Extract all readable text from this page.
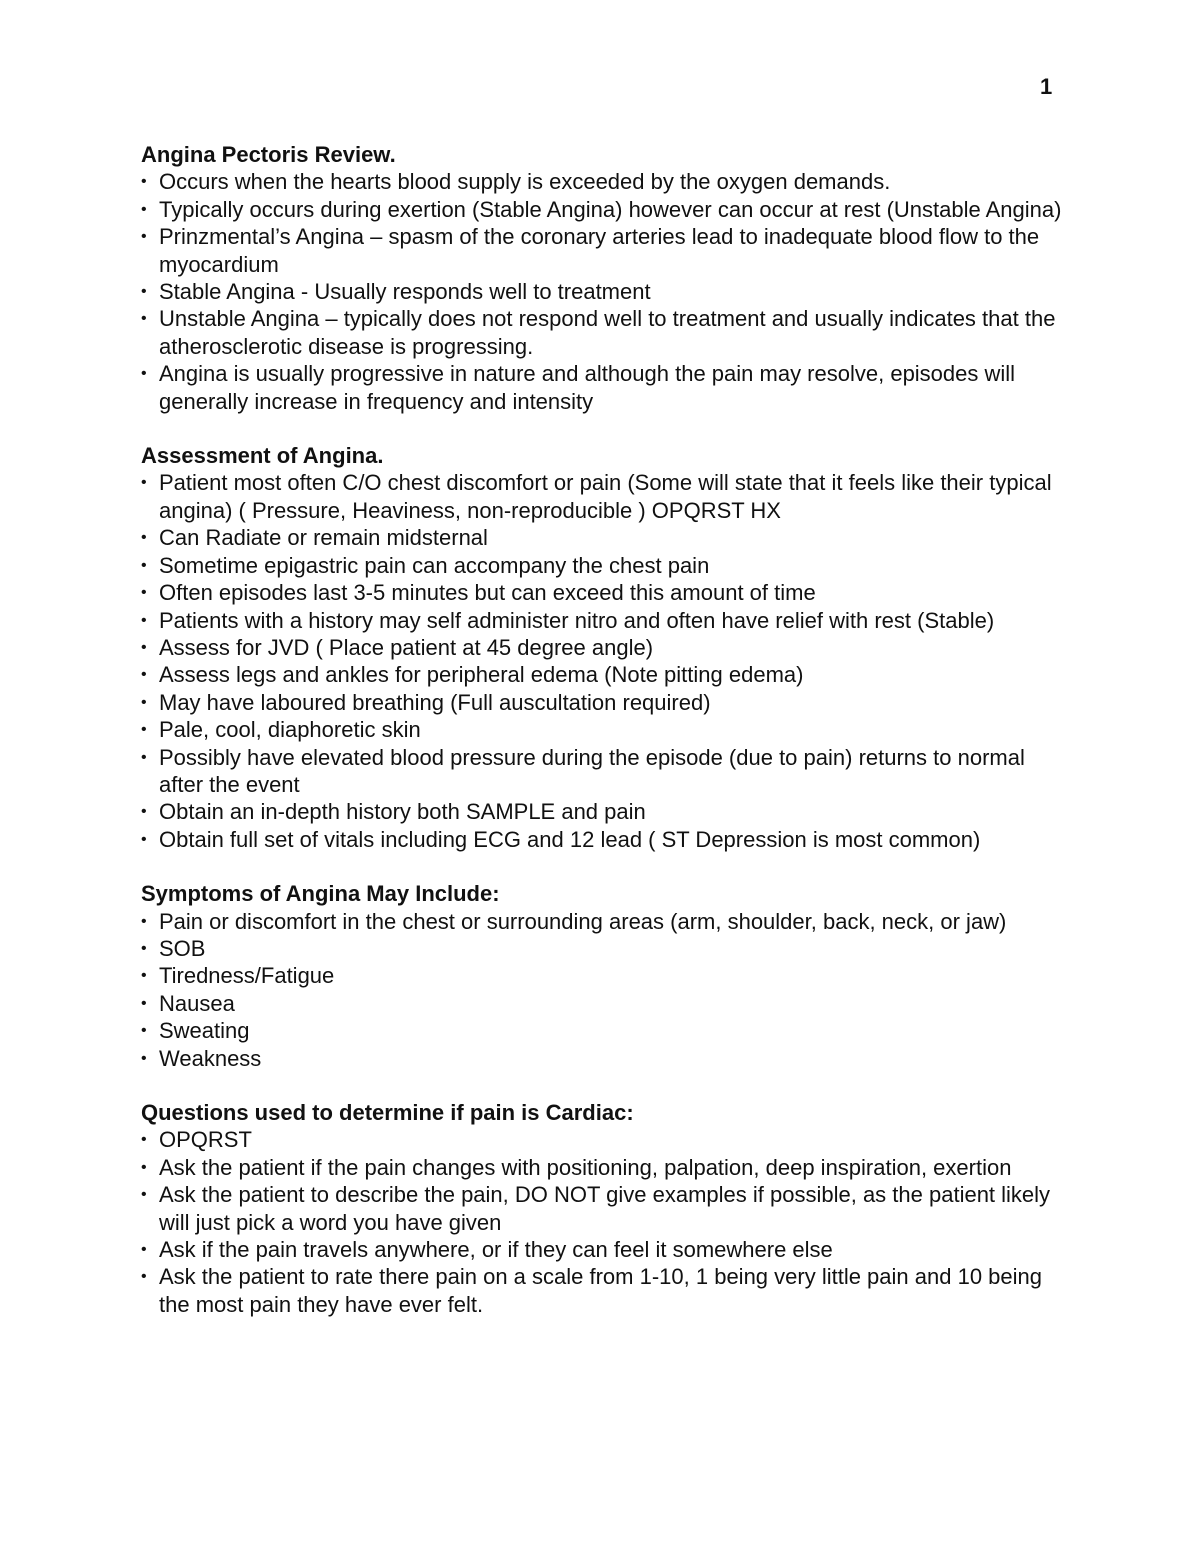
1

Angina Pectoris Review.

• Occurs when the hearts blood supply is exceeded by the oxygen demands.
• Typically occurs during exertion (Stable Angina) however can occur at rest (Unstable Angina)
• Prinzmental’s Angina – spasm of the coronary arteries lead to inadequate blood flow to the myocardium
• Stable Angina - Usually responds well to treatment
• Unstable Angina – typically does not respond well to treatment and usually indicates that the atherosclerotic disease is progressing.
• Angina is usually progressive in nature and although the pain may resolve, episodes will generally increase in frequency and intensity

Assessment of Angina.

• Patient most often C/O chest discomfort or pain (Some will state that it feels like their typical angina) ( Pressure, Heaviness, non-reproducible ) OPQRST HX
• Can Radiate or remain midsternal
• Sometime epigastric pain can accompany the chest pain
• Often episodes last 3-5 minutes but can exceed this amount of time
• Patients with a history may self administer nitro and often have relief with rest (Stable)
• Assess for JVD ( Place patient at 45 degree angle)
• Assess legs and ankles for peripheral edema (Note pitting edema)
• May have laboured breathing (Full auscultation required)
• Pale, cool, diaphoretic skin
• Possibly have elevated blood pressure during the episode (due to pain) returns to normal after the event
• Obtain an in-depth history both SAMPLE and pain
• Obtain full set of vitals including ECG and 12 lead ( ST Depression is most common)

Symptoms of Angina May Include:

• Pain or discomfort in the chest or surrounding areas (arm, shoulder, back, neck, or jaw)
• SOB
• Tiredness/Fatigue
• Nausea
• Sweating
• Weakness

Questions used to determine if pain is Cardiac:

• OPQRST
• Ask the patient if the pain changes with positioning, palpation, deep inspiration, exertion
• Ask the patient to describe the pain, DO NOT give examples if possible, as the patient likely will just pick a word you have given
• Ask if the pain travels anywhere, or if they can feel it somewhere else
• Ask the patient to rate there pain on a scale from 1-10, 1 being very little pain and 10 being the most pain they have ever felt.
